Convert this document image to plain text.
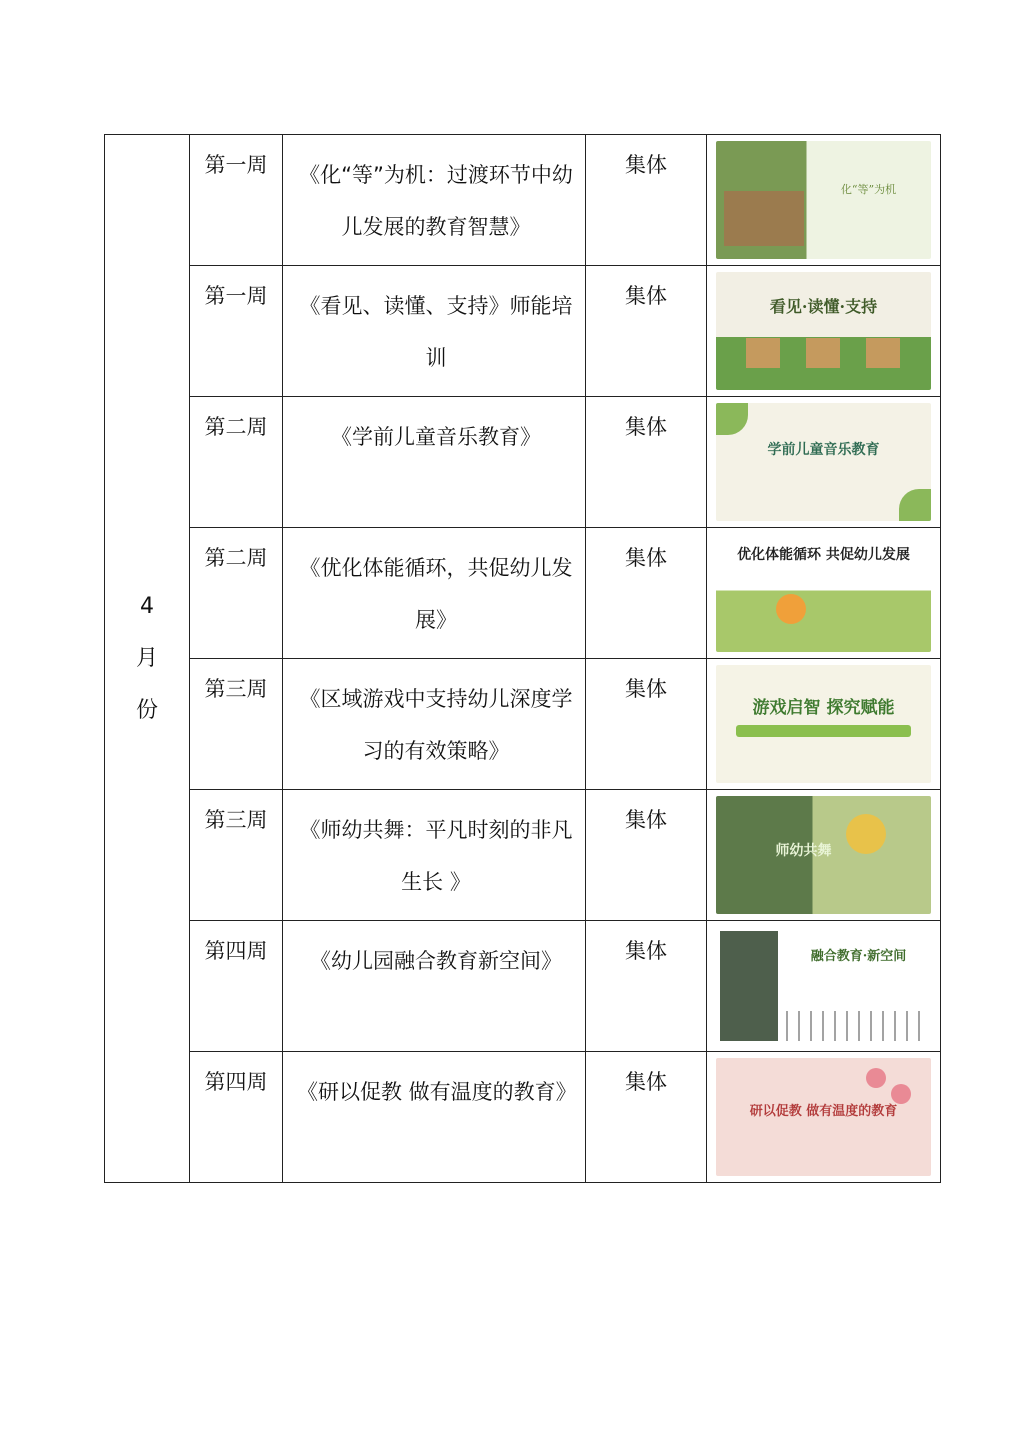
4
月
份	第一周	《化“等”为机：过渡环节中幼儿发展的教育智慧》	集体	化“等”为机

	第一周	《看见、读懂、支持》师能培训	集体	看见·读懂·支持

	第二周	《学前儿童音乐教育》	集体	学前儿童音乐教育

	第二周	《优化体能循环，共促幼儿发展》	集体	优化体能循环 共促幼儿发展

	第三周	《区域游戏中支持幼儿深度学习的有效策略》	集体	游戏启智 探究赋能

	第三周	《师幼共舞：平凡时刻的非凡生长 》	集体	师幼共舞

	第四周	《幼儿园融合教育新空间》	集体	融合教育·新空间

	第四周	《研以促教 做有温度的教育》	集体	研以促教 做有温度的教育
